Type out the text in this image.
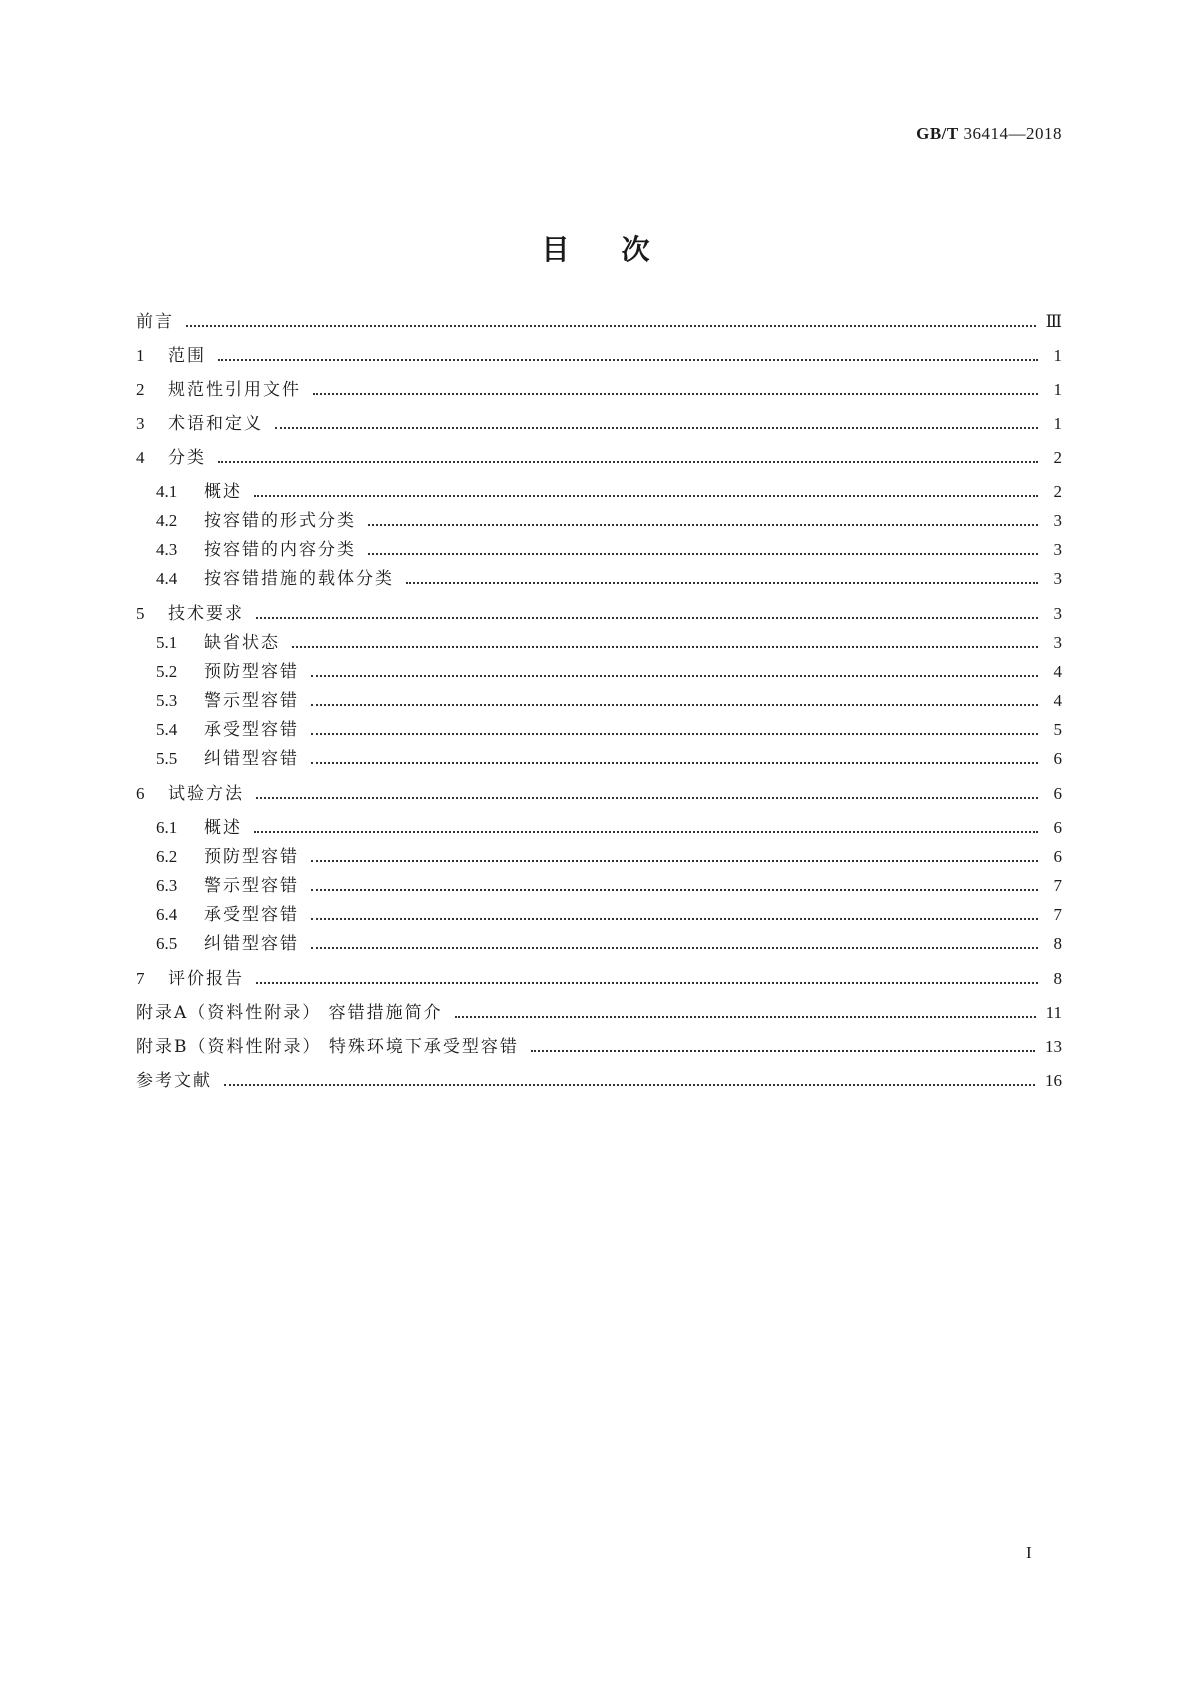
GB/T 36414—2018
目次
前言	Ⅲ
1	范围	1
2	规范性引用文件	1
3	术语和定义	1
4	分类	2
4.1	概述	2
4.2	按容错的形式分类	3
4.3	按容错的内容分类	3
4.4	按容错措施的载体分类	3
5	技术要求	3
5.1	缺省状态	3
5.2	预防型容错	4
5.3	警示型容错	4
5.4	承受型容错	5
5.5	纠错型容错	6
6	试验方法	6
6.1	概述	6
6.2	预防型容错	6
6.3	警示型容错	7
6.4	承受型容错	7
6.5	纠错型容错	8
7	评价报告	8
附录A（资料性附录） 容错措施简介	11
附录B（资料性附录） 特殊环境下承受型容错	13
参考文献	16
I
